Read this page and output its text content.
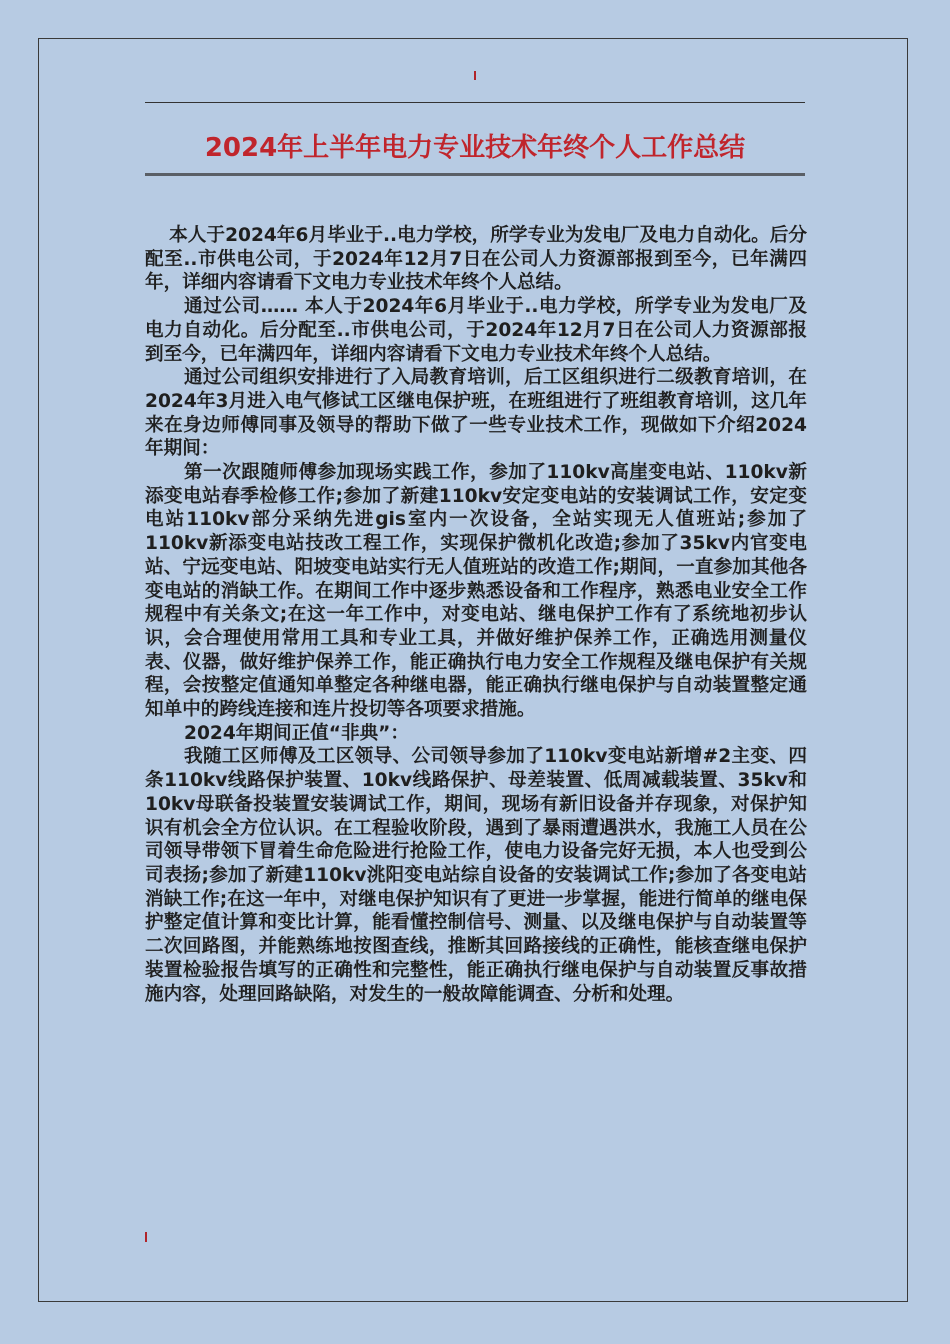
2024年上半年电力专业技术年终个人工作总结

本人于2024年6月毕业于..电力学校，所学专业为发电厂及电力自动化。后分配至..市供电公司，于2024年12月7日在公司人力资源部报到至今，已年满四年，详细内容请看下文电力专业技术年终个人总结。

通过公司…… 本人于2024年6月毕业于..电力学校，所学专业为发电厂及电力自动化。后分配至..市供电公司，于2024年12月7日在公司人力资源部报到至今，已年满四年，详细内容请看下文电力专业技术年终个人总结。

通过公司组织安排进行了入局教育培训，后工区组织进行二级教育培训，在2024年3月进入电气修试工区继电保护班，在班组进行了班组教育培训，这几年来在身边师傅同事及领导的帮助下做了一些专业技术工作，现做如下介绍2024年期间：

第一次跟随师傅参加现场实践工作，参加了110kv高崖变电站、110kv新添变电站春季检修工作;参加了新建110kv安定变电站的安装调试工作，安定变电站110kv部分采纳先进gis室内一次设备，全站实现无人值班站;参加了110kv新添变电站技改工程工作，实现保护微机化改造;参加了35kv内官变电站、宁远变电站、阳坡变电站实行无人值班站的改造工作;期间，一直参加其他各变电站的消缺工作。在期间工作中逐步熟悉设备和工作程序，熟悉电业安全工作规程中有关条文;在这一年工作中，对变电站、继电保护工作有了系统地初步认识，会合理使用常用工具和专业工具，并做好维护保养工作，正确选用测量仪表、仪器，做好维护保养工作，能正确执行电力安全工作规程及继电保护有关规程，会按整定值通知单整定各种继电器，能正确执行继电保护与自动装置整定通知单中的跨线连接和连片投切等各项要求措施。

2024年期间正值“非典”：

我随工区师傅及工区领导、公司领导参加了110kv变电站新增#2主变、四条110kv线路保护装置、10kv线路保护、母差装置、低周减载装置、35kv和10kv母联备投装置安装调试工作，期间，现场有新旧设备并存现象，对保护知识有机会全方位认识。在工程验收阶段，遇到了暴雨遭遇洪水，我施工人员在公司领导带领下冒着生命危险进行抢险工作，使电力设备完好无损，本人也受到公司表扬;参加了新建110kv洮阳变电站综自设备的安装调试工作;参加了各变电站消缺工作;在这一年中，对继电保护知识有了更进一步掌握，能进行简单的继电保护整定值计算和变比计算，能看懂控制信号、测量、以及继电保护与自动装置等二次回路图，并能熟练地按图查线，推断其回路接线的正确性，能核查继电保护装置检验报告填写的正确性和完整性，能正确执行继电保护与自动装置反事故措施内容，处理回路缺陷，对发生的一般故障能调查、分析和处理。
